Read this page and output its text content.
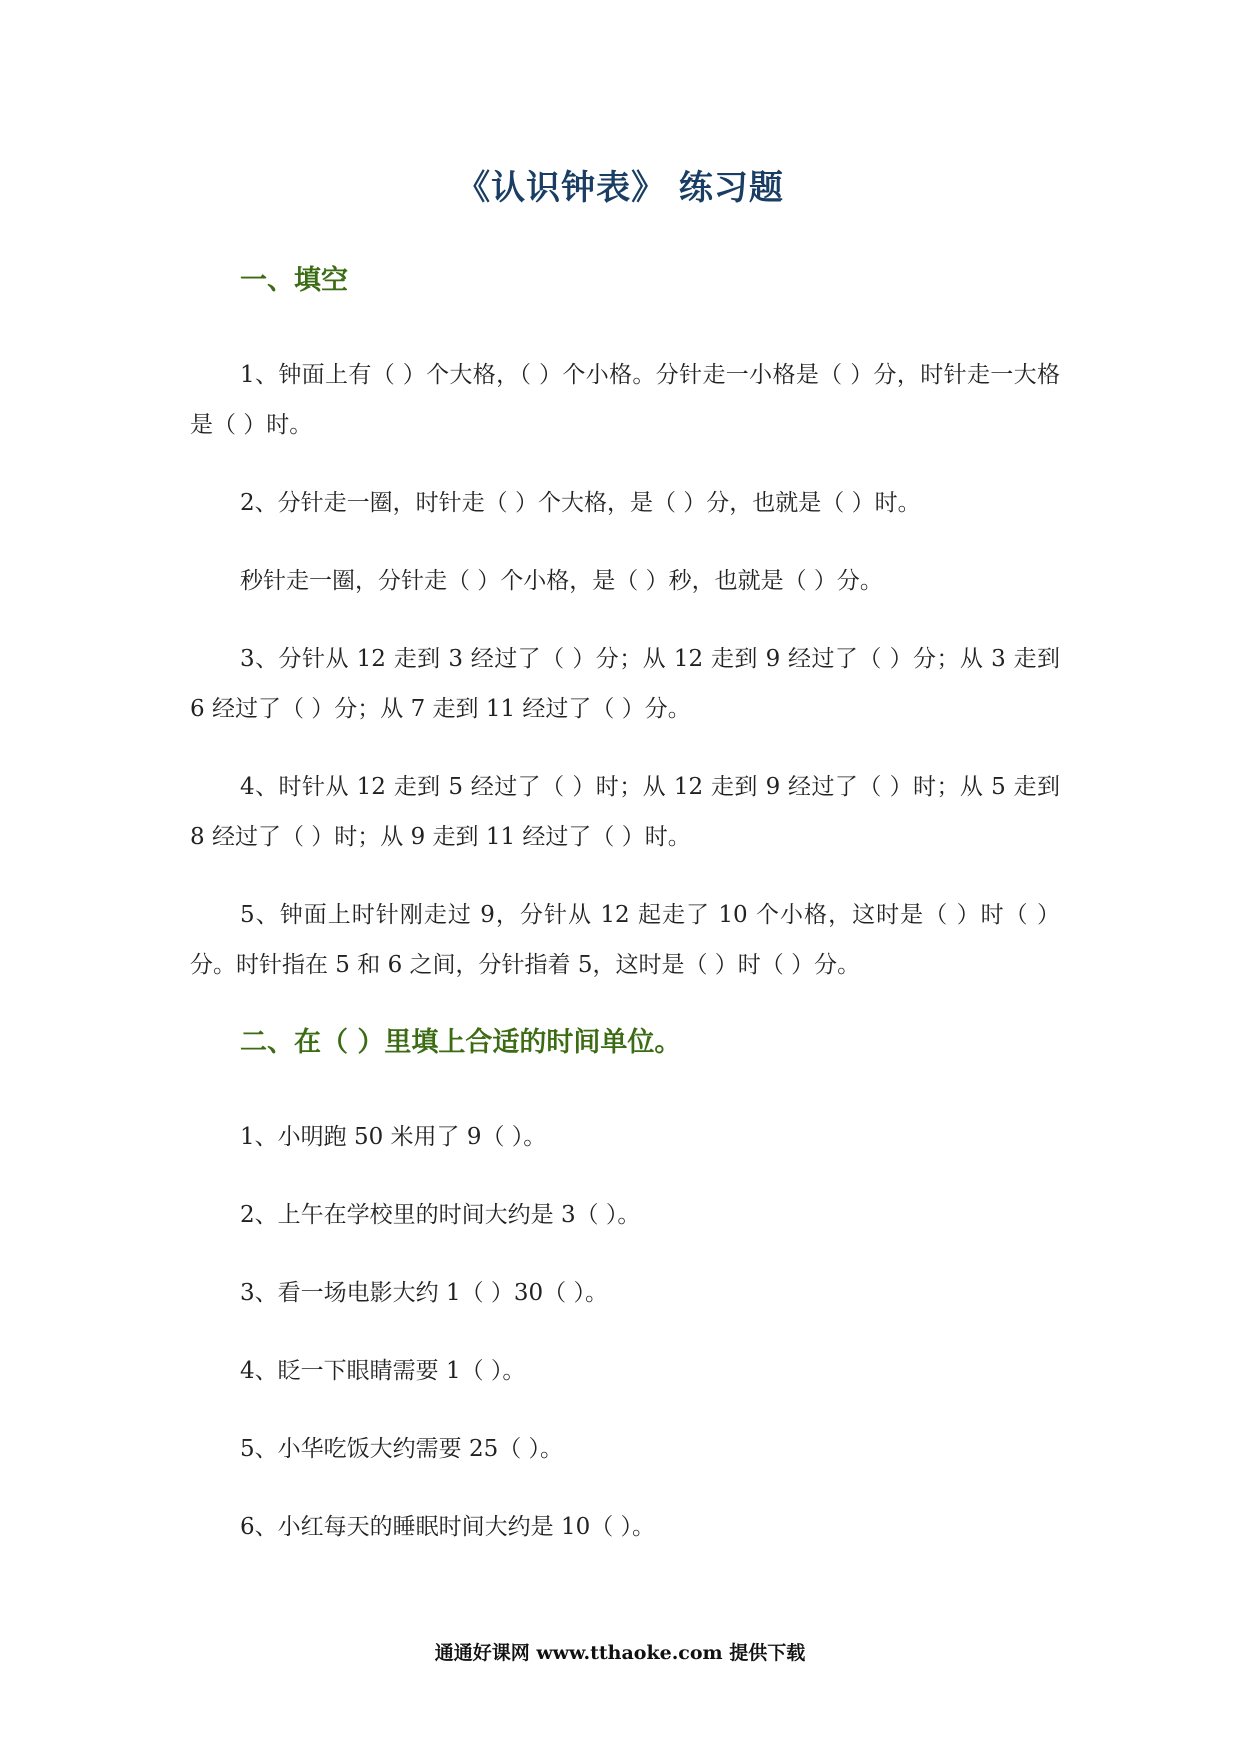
《认识钟表》 练习题
一、填空

1、钟面上有（ ）个大格，（ ）个小格。分针走一小格是（ ）分，时针走一大格是（ ）时。

2、分针走一圈，时针走（ ）个大格，是（ ）分，也就是（ ）时。

秒针走一圈，分针走（ ）个小格，是（ ）秒，也就是（ ）分。

3、分针从 12 走到 3 经过了（ ）分；从 12 走到 9 经过了（ ）分；从 3 走到 6 经过了（ ）分；从 7 走到 11 经过了（ ）分。

4、时针从 12 走到 5 经过了（ ）时；从 12 走到 9 经过了（ ）时；从 5 走到 8 经过了（ ）时；从 9 走到 11 经过了（ ）时。

5、钟面上时针刚走过 9，分针从 12 起走了 10 个小格，这时是（ ）时（ ）分。时针指在 5 和 6 之间，分针指着 5，这时是（ ）时（ ）分。

二、在（ ）里填上合适的时间单位。

1、小明跑 50 米用了 9（ ）。

2、上午在学校里的时间大约是 3（ ）。

3、看一场电影大约 1（ ）30（ ）。

4、眨一下眼睛需要 1（ ）。

5、小华吃饭大约需要 25（ ）。

6、小红每天的睡眠时间大约是 10（ ）。

通通好课网 www.tthaoke.com 提供下载
